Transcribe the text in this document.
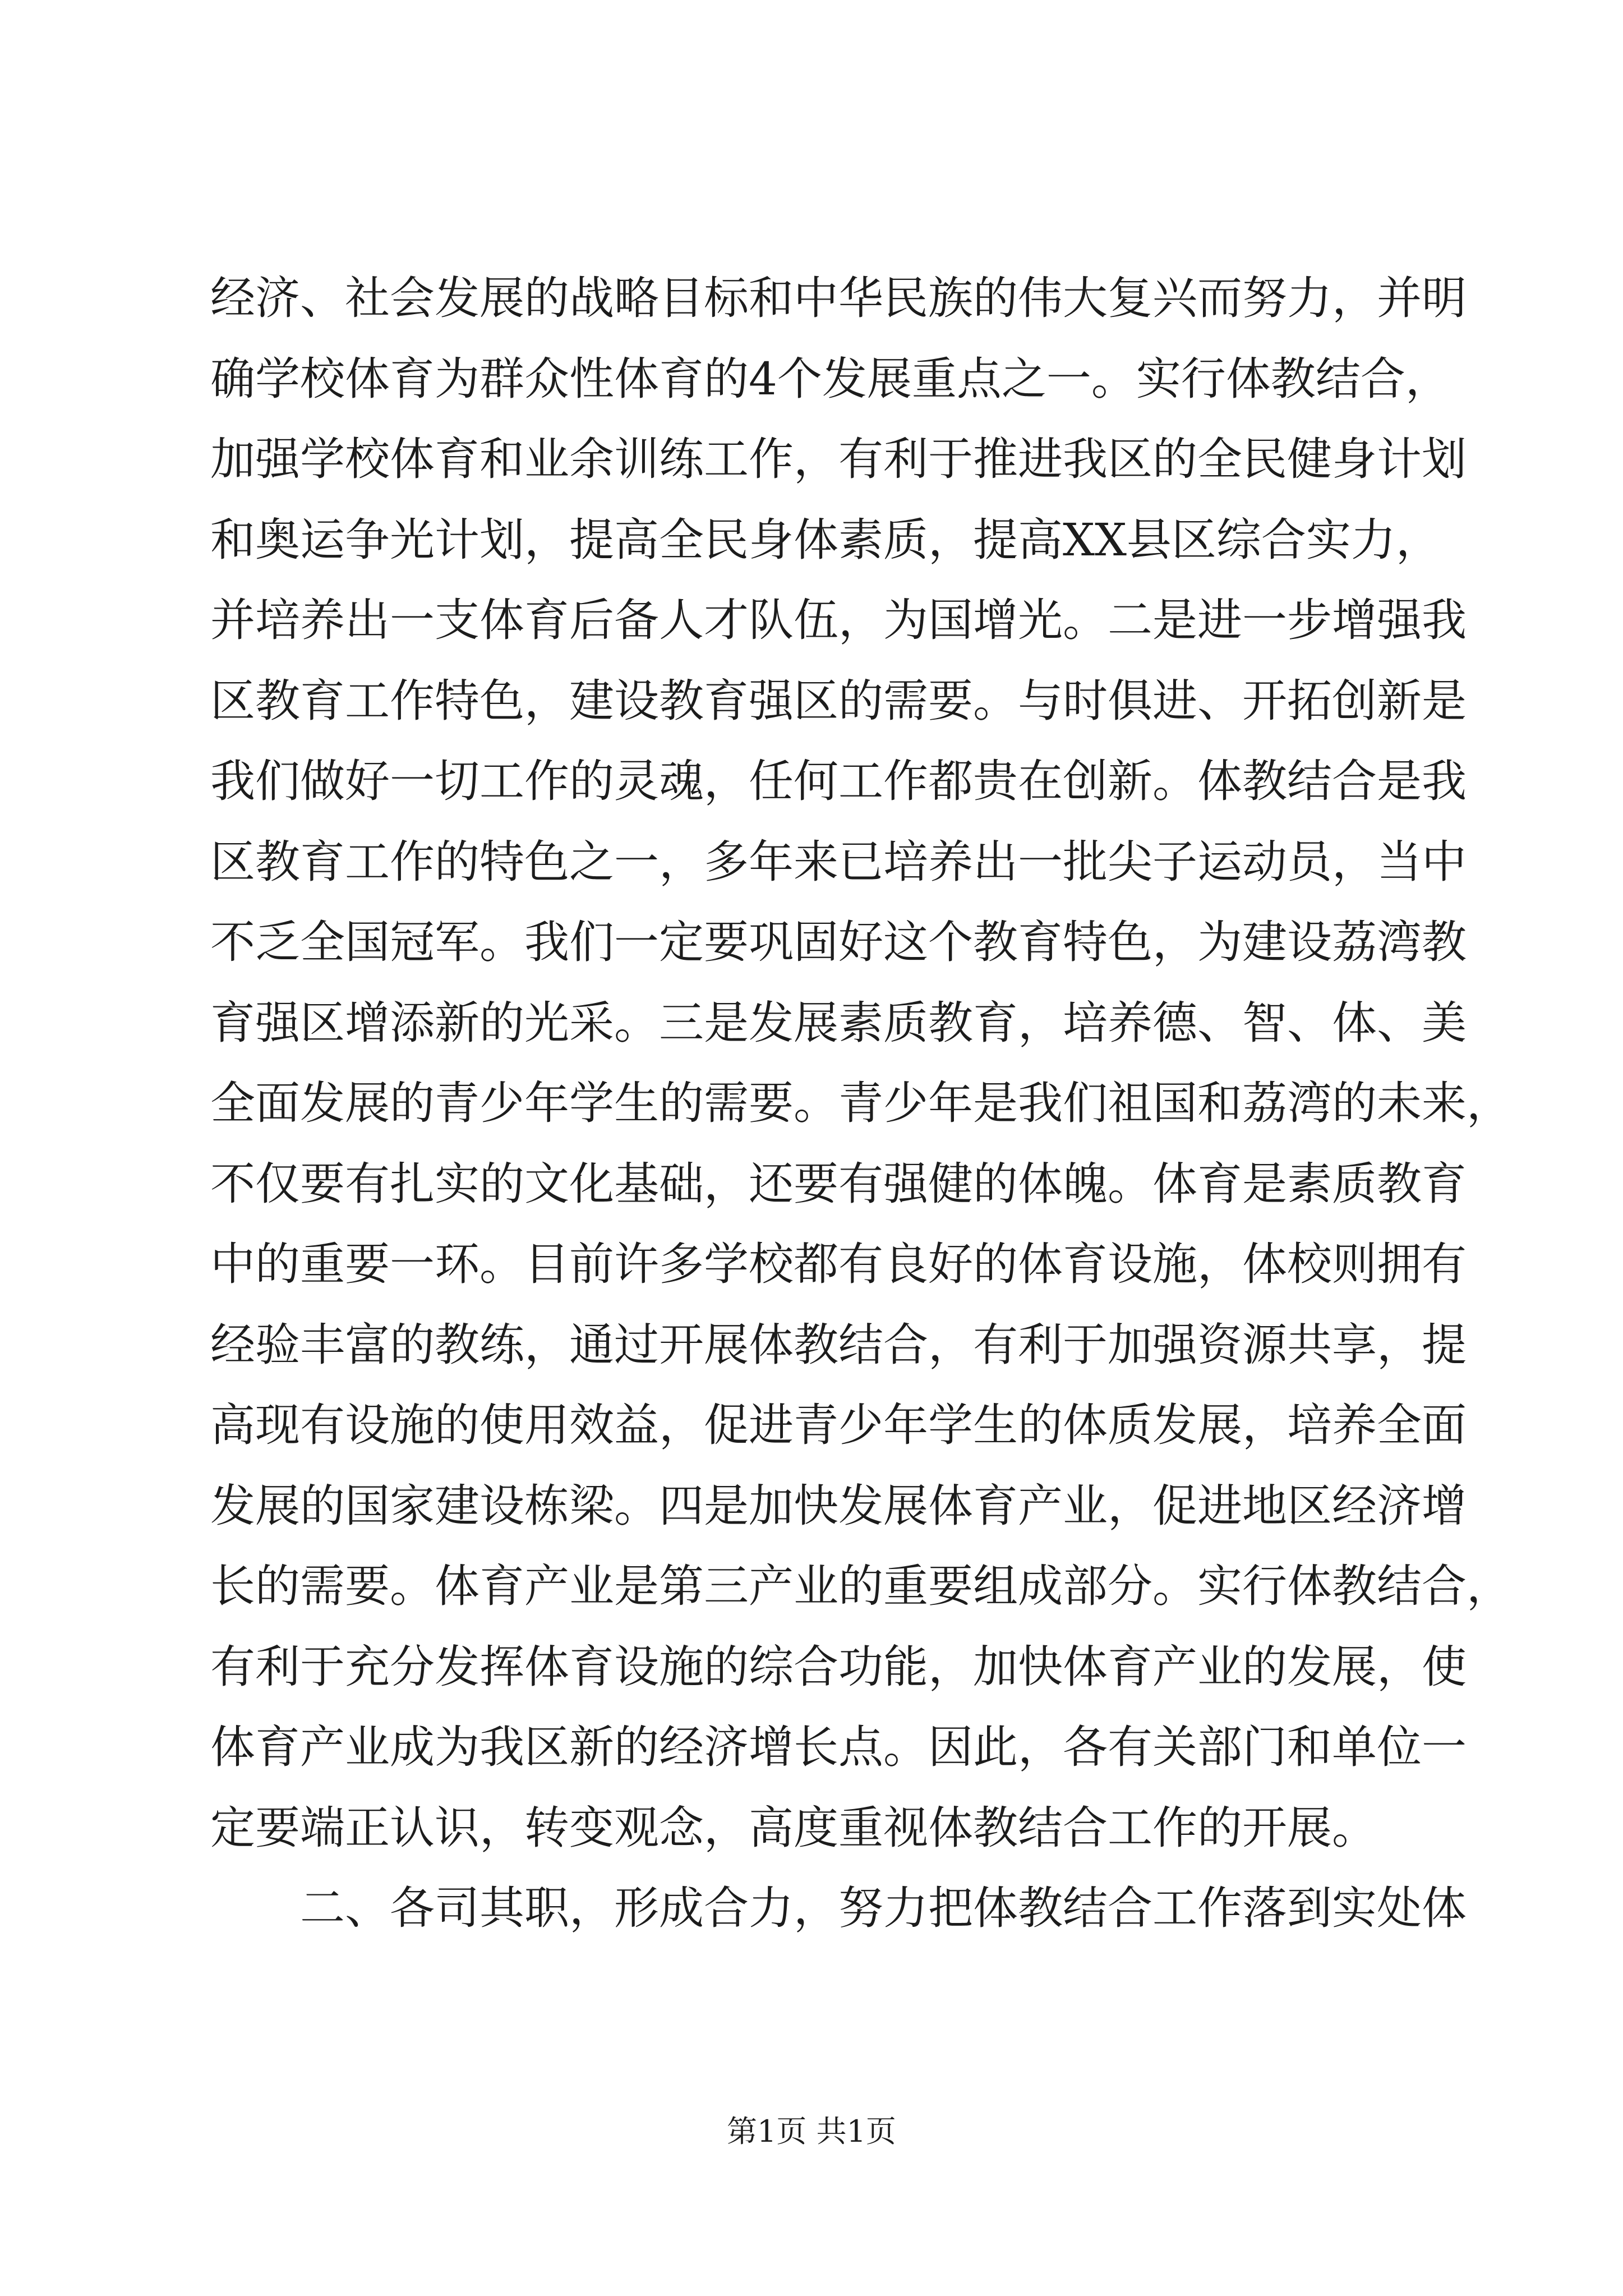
经济、社会发展的战略目标和中华民族的伟大复兴而努力，并明
确学校体育为群众性体育的4个发展重点之一。实行体教结合，
加强学校体育和业余训练工作，有利于推进我区的全民健身计划
和奥运争光计划，提高全民身体素质，提高XX县区综合实力，
并培养出一支体育后备人才队伍，为国增光。二是进一步增强我
区教育工作特色，建设教育强区的需要。与时俱进、开拓创新是
我们做好一切工作的灵魂，任何工作都贵在创新。体教结合是我
区教育工作的特色之一，多年来已培养出一批尖子运动员，当中
不乏全国冠军。我们一定要巩固好这个教育特色，为建设荔湾教
育强区增添新的光采。三是发展素质教育，培养德、智、体、美
全面发展的青少年学生的需要。青少年是我们祖国和荔湾的未来，
不仅要有扎实的文化基础，还要有强健的体魄。体育是素质教育
中的重要一环。目前许多学校都有良好的体育设施，体校则拥有
经验丰富的教练，通过开展体教结合，有利于加强资源共享，提
高现有设施的使用效益，促进青少年学生的体质发展，培养全面
发展的国家建设栋梁。四是加快发展体育产业，促进地区经济增
长的需要。体育产业是第三产业的重要组成部分。实行体教结合，
有利于充分发挥体育设施的综合功能，加快体育产业的发展，使
体育产业成为我区新的经济增长点。因此，各有关部门和单位一
定要端正认识，转变观念，高度重视体教结合工作的开展。
二、各司其职，形成合力，努力把体教结合工作落到实处体
第1页 共1页
